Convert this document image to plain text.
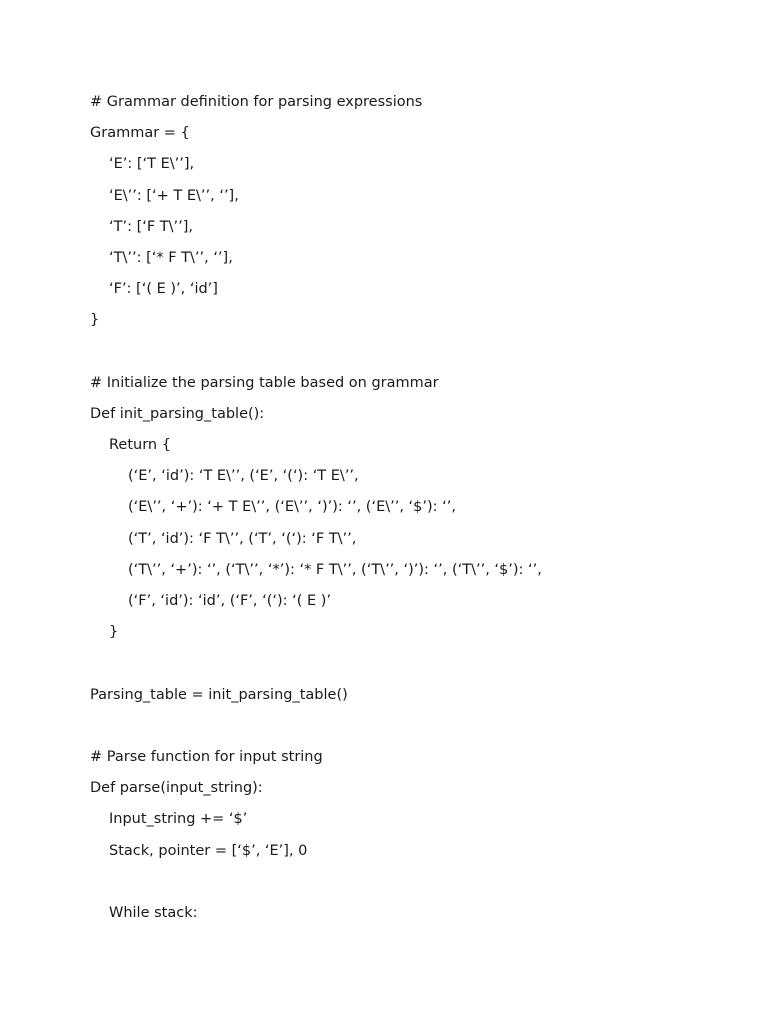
# Grammar definition for parsing expressions
Grammar = {
‘E’: [‘T E\’’],
‘E\’’: [‘+ T E\’’, ‘’],
‘T’: [‘F T\’’],
‘T\’’: [‘* F T\’’, ‘’],
‘F’: [‘( E )’, ‘id’]
}
# Initialize the parsing table based on grammar
Def init_parsing_table():
Return {
(‘E’, ‘id’): ‘T E\’’, (‘E’, ‘(‘): ‘T E\’’,
(‘E\’’, ‘+’): ‘+ T E\’’, (‘E\’’, ‘)’): ‘’, (‘E\’’, ‘$’): ‘’,
(‘T’, ‘id’): ‘F T\’’, (‘T’, ‘(‘): ‘F T\’’,
(‘T\’’, ‘+’): ‘’, (‘T\’’, ‘*’): ‘* F T\’’, (‘T\’’, ‘)’): ‘’, (‘T\’’, ‘$’): ‘’,
(‘F’, ‘id’): ‘id’, (‘F’, ‘(‘): ‘( E )’
}
Parsing_table = init_parsing_table()
# Parse function for input string
Def parse(input_string):
Input_string += ‘$’
Stack, pointer = [‘$’, ‘E’], 0
While stack:
